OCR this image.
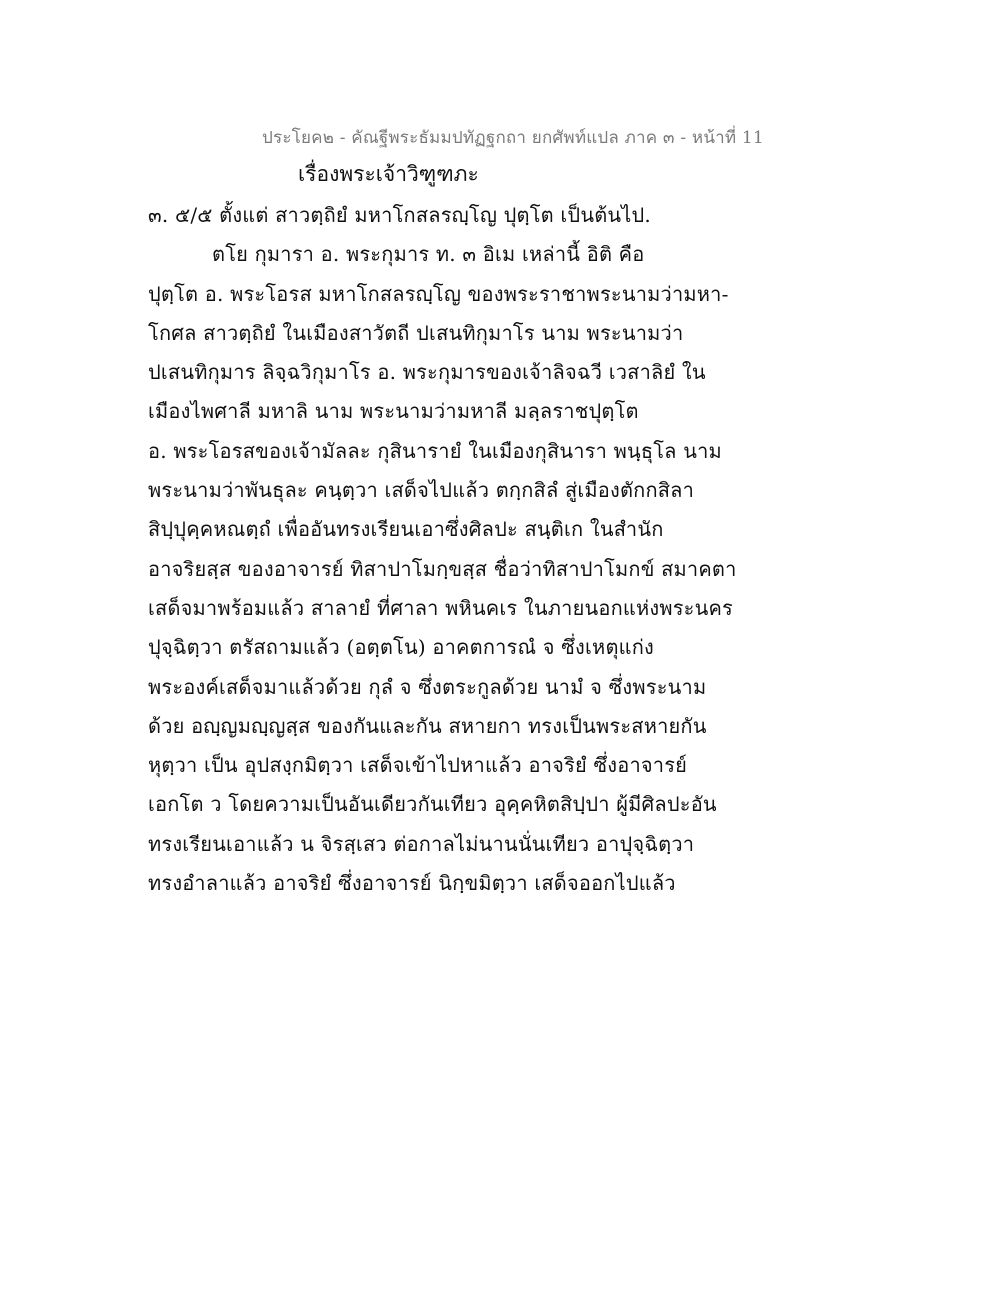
ประโยค๒ - คัณฐีพระธัมมปทัฏฐกถา ยกศัพท์แปล ภาค ๓ - หน้าที่ 11
เรื่องพระเจ้าวิฑูฑภะ
๓. ๕/๕ ตั้งแต่ สาวตฺถิยํ มหาโกสลรญฺโญ ปุตฺโต เป็นต้นไป.
ตโย กุมารา อ. พระกุมาร ท. ๓ อิเม เหล่านี้ อิติ คือ
ปุตฺโต อ. พระโอรส มหาโกสลรญฺโญ ของพระราชาพระนามว่ามหา-
โกศล สาวตฺถิยํ ในเมืองสาวัตถี ปเสนทิกุมาโร นาม พระนามว่า
ปเสนทิกุมาร ลิจฺฉวิกุมาโร อ. พระกุมารของเจ้าลิจฉวี เวสาลิยํ ใน
เมืองไพศาลี มหาลิ นาม พระนามว่ามหาลี มลฺลราชปุตฺโต
อ. พระโอรสของเจ้ามัลละ กุสินารายํ ในเมืองกุสินารา พนฺธุโล นาม
พระนามว่าพันธุละ คนฺตฺวา เสด็จไปแล้ว ตกฺกสิลํ สู่เมืองตักกสิลา
สิปฺปุคฺคหณตฺถํ เพื่ออันทรงเรียนเอาซึ่งศิลปะ สนฺติเก ในสำนัก
อาจริยสฺส ของอาจารย์ ทิสาปาโมกฺขสฺส ชื่อว่าทิสาปาโมกข์ สมาคตา
เสด็จมาพร้อมแล้ว สาลายํ ที่ศาลา พหินคเร ในภายนอกแห่งพระนคร
ปุจฺฉิตฺวา ตรัสถามแล้ว (อตฺตโน) อาคตการณํ จ ซึ่งเหตุแก่ง
พระองค์เสด็จมาแล้วด้วย กุลํ จ ซึ่งตระกูลด้วย นามํ จ ซึ่งพระนาม
ด้วย อญฺญมญฺญสฺส ของกันและกัน สหายกา ทรงเป็นพระสหายกัน
หุตฺวา เป็น อุปสงฺกมิตฺวา เสด็จเข้าไปหาแล้ว อาจริยํ ซึ่งอาจารย์
เอกโต ว โดยความเป็นอันเดียวกันเทียว อุคฺคหิตสิปฺปา ผู้มีศิลปะอัน
ทรงเรียนเอาแล้ว น จิรสฺเสว ต่อกาลไม่นานนั่นเทียว อาปุจฺฉิตฺวา
ทรงอำลาแล้ว อาจริยํ ซึ่งอาจารย์ นิกฺขมิตฺวา เสด็จออกไปแล้ว
